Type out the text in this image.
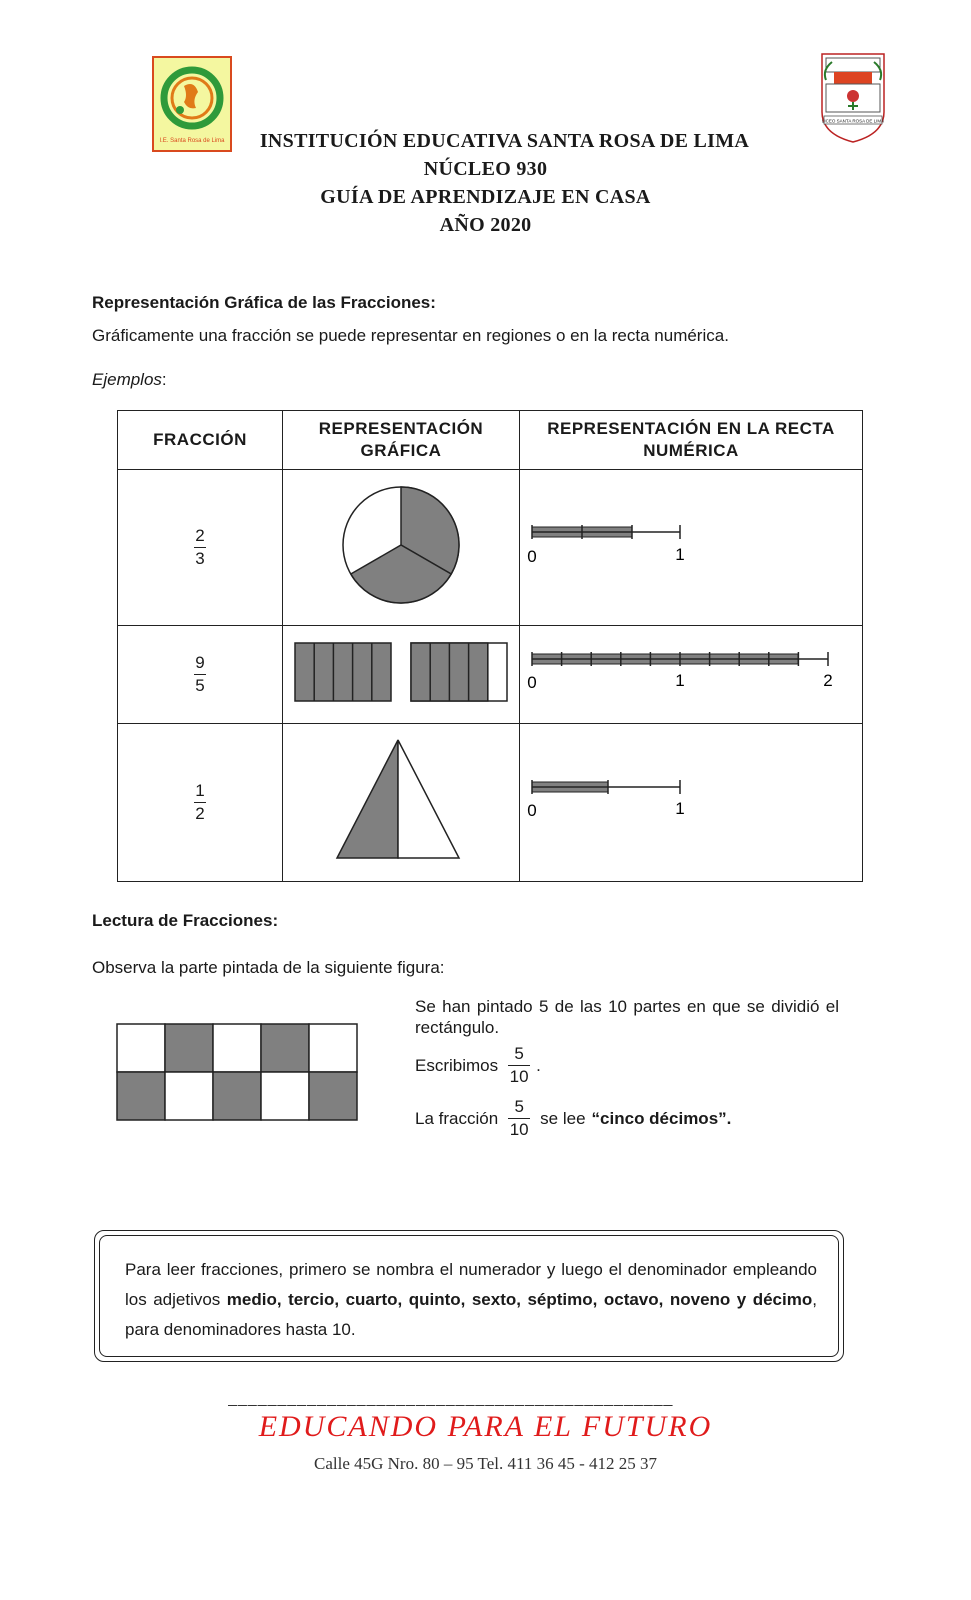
I.E. Santa Rosa de Lima
LICEO SANTA ROSA DE LIMA
INSTITUCIÓN EDUCATIVA SANTA ROSA DE LIMA
NÚCLEO 930
GUÍA DE APRENDIZAJE EN CASA
AÑO 2020
Representación Gráfica de las Fracciones:
Gráficamente una fracción se puede representar en regiones o en la recta numérica.
Ejemplos:
FRACCIÓN	REPRESENTACIÓN GRÁFICA	REPRESENTACIÓN EN LA RECTA NUMÉRICA

$\frac{2}{3}$		0 1

$\frac{9}{5}$		0 1 2

$\frac{1}{2}$		0 1
Lectura de Fracciones:
Observa la parte pintada de la siguiente figura:
Se han pintado 5 de las 10 partes en que se dividió el rectángulo.
Escribimos $\frac{5}{10}$ .
La fracción $\frac{5}{10}$ se lee “cinco décimos”.
Para leer fracciones, primero se nombra el numerador y luego el denominador empleando los adjetivos medio, tercio, cuarto, quinto, sexto, séptimo, octavo, noveno y décimo, para denominadores hasta 10.
_____________________________________________
EDUCANDO PARA EL FUTURO
Calle 45G Nro. 80 – 95 Tel. 411 36 45 - 412 25 37
